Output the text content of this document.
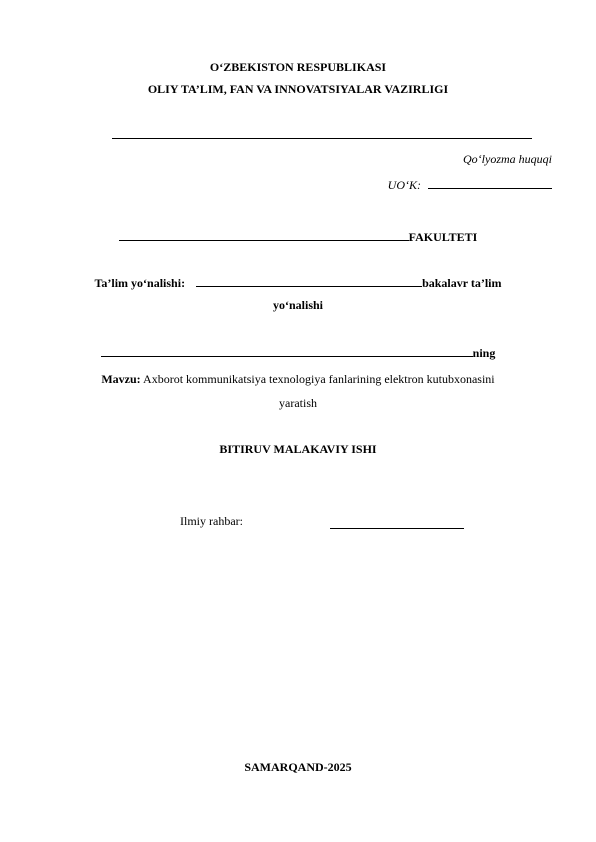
O‘ZBEKISTON RESPUBLIKASI
OLIY TA’LIM, FAN VA INNOVATSIYALAR VAZIRLIGI
Qo‘lyozma huquqi
UO‘K:
FAKULTETI
Ta’lim yo‘nalishi:	bakalavr ta’lim
yo‘nalishi
ning
Mavzu: Axborot kommunikatsiya texnologiya fanlarining elektron kutubxonasini
yaratish
BITIRUV MALAKAVIY ISHI
Ilmiy rahbar:
SAMARQAND-2025
